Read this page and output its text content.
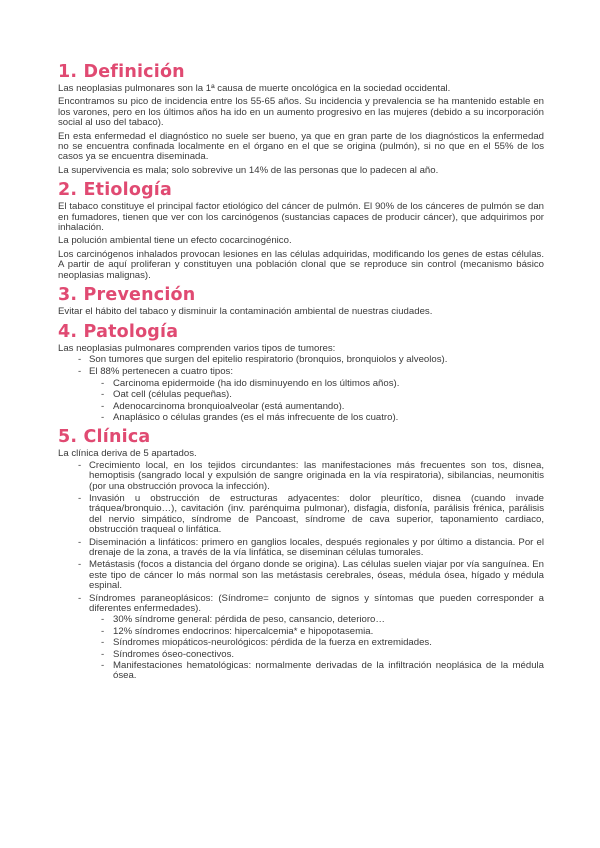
1. Definición

Las neoplasias pulmonares son la 1ª causa de muerte oncológica en la sociedad occidental.

Encontramos su pico de incidencia entre los 55-65 años. Su incidencia y prevalencia se ha mantenido estable en los varones, pero en los últimos años ha ido en un aumento progresivo en las mujeres (debido a su incorporación social al uso del tabaco).

En esta enfermedad el diagnóstico no suele ser bueno, ya que en gran parte de los diagnósticos la enfermedad no se encuentra confinada localmente en el órgano en el que se origina (pulmón), si no que en el 55% de los casos ya se encuentra diseminada.

La supervivencia es mala; solo sobrevive un 14% de las personas que lo padecen al año.

2. Etiología

El tabaco constituye el principal factor etiológico del cáncer de pulmón. El 90% de los cánceres de pulmón se dan en fumadores, tienen que ver con los carcinógenos (sustancias capaces de producir cáncer), que adquirimos por inhalación.

La polución ambiental tiene un efecto cocarcinogénico.

Los carcinógenos inhalados provocan lesiones en las células adquiridas, modificando los genes de estas células. A partir de aquí proliferan y constituyen una población clonal que se reproduce sin control (mecanismo básico neoplasias malignas).

3. Prevención

Evitar el hábito del tabaco y disminuir la contaminación ambiental de nuestras ciudades.

4. Patología

Las neoplasias pulmonares comprenden varios tipos de tumores:

- Son tumores que surgen del epitelio respiratorio (bronquios, bronquiolos y alveolos).
- El 88% pertenecen a cuatro tipos:
- Carcinoma epidermoide (ha ido disminuyendo en los últimos años).
- Oat cell (células pequeñas).
- Adenocarcinoma bronquioalveolar (está aumentando).
- Anaplásico o células grandes (es el más infrecuente de los cuatro).
5. Clínica

La clínica deriva de 5 apartados.

- Crecimiento local, en los tejidos circundantes: las manifestaciones más frecuentes son tos, disnea, hemoptisis (sangrado local y expulsión de sangre originada en la vía respiratoria), sibilancias, neumonitis (por una obstrucción provoca la infección).
- Invasión u obstrucción de estructuras adyacentes: dolor pleurítico, disnea (cuando invade tráquea/bronquio…), cavitación (inv. parénquima pulmonar), disfagia, disfonía, parálisis frénica, parálisis del nervio simpático, síndrome de Pancoast, síndrome de cava superior, taponamiento cardiaco, obstrucción traqueal o linfática.
- Diseminación a linfáticos: primero en ganglios locales, después regionales y por último a distancia. Por el drenaje de la zona, a través de la vía linfática, se diseminan células tumorales.
- Metástasis (focos a distancia del órgano donde se origina). Las células suelen viajar por vía sanguínea. En este tipo de cáncer lo más normal son las metástasis cerebrales, óseas, médula ósea, hígado y médula espinal.
- Síndromes paraneoplásicos: (Síndrome= conjunto de signos y síntomas que pueden corresponder a diferentes enfermedades).
- 30% síndrome general: pérdida de peso, cansancio, deterioro…
- 12% síndromes endocrinos: hipercalcemia* e hipopotasemia.
- Síndromes miopáticos-neurológicos: pérdida de la fuerza en extremidades.
- Síndromes óseo-conectivos.
- Manifestaciones hematológicas: normalmente derivadas de la infiltración neoplásica de la médula ósea.
